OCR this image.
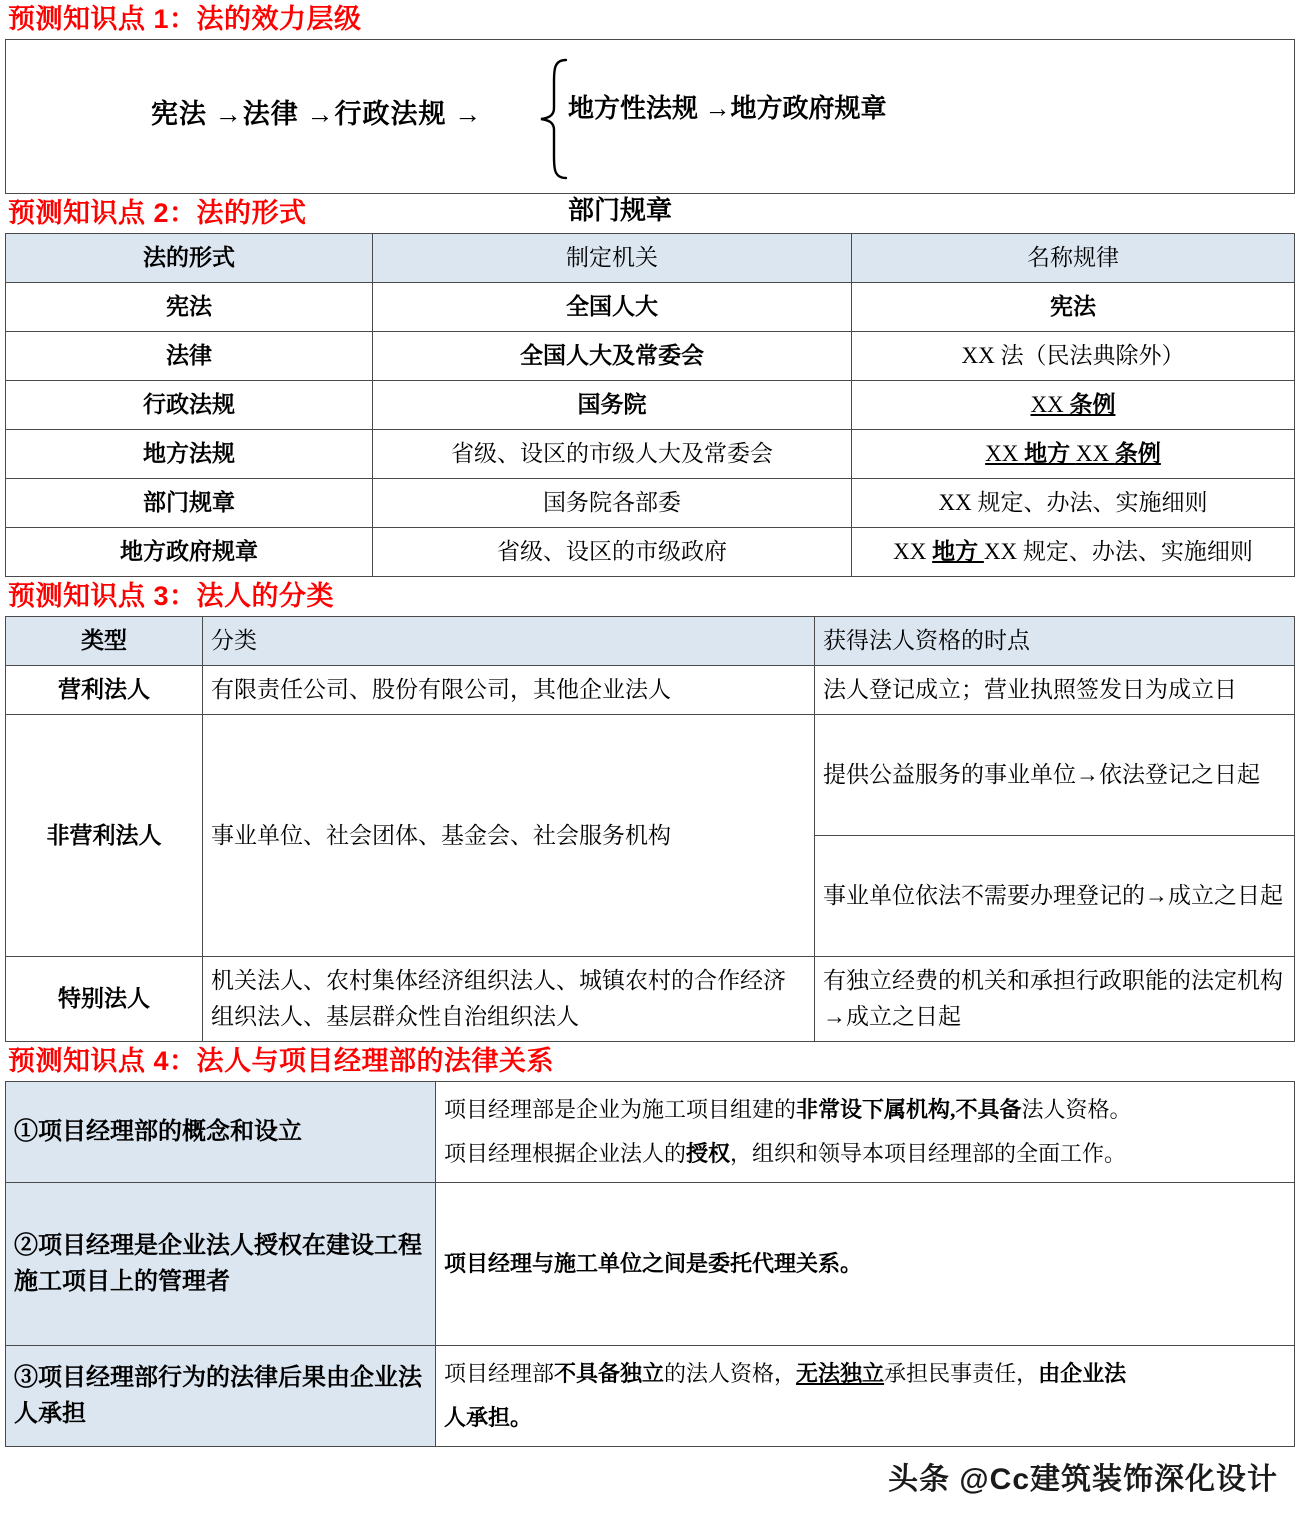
预测知识点 1：法的效力层级
宪法 →法律 →行政法规 →	地方性法规 →地方政府规章
部门规章
预测知识点 2：法的形式
法的形式	制定机关	名称规律
宪法	全国人大	宪法
法律	全国人大及常委会	XX 法（民法典除外）
行政法规	国务院	XX 条例
地方法规	省级、设区的市级人大及常委会	XX 地方 XX 条例
部门规章	国务院各部委	XX 规定、办法、实施细则
地方政府规章	省级、设区的市级政府	XX 地方 XX 规定、办法、实施细则
预测知识点 3：法人的分类
类型	分类	获得法人资格的时点
营利法人	有限责任公司、股份有限公司，其他企业法人	法人登记成立；营业执照签发日为成立日
非营利法人	事业单位、社会团体、基金会、社会服务机构	提供公益服务的事业单位→依法登记之日起
		事业单位依法不需要办理登记的→成立之日起
特别法人	机关法人、农村集体经济组织法人、城镇农村的合作经济组织法人、基层群众性自治组织法人	有独立经费的机关和承担行政职能的法定机构→成立之日起
预测知识点 4：法人与项目经理部的法律关系
①项目经理部的概念和设立	项目经理部是企业为施工项目组建的非常设下属机构,不具备法人资格。
项目经理根据企业法人的授权，组织和领导本项目经理部的全面工作。

②项目经理是企业法人授权在建设工程施工项目上的管理者	项目经理与施工单位之间是委托代理关系。

③项目经理部行为的法律后果由企业法人承担	项目经理部不具备独立的法人资格，无法独立承担民事责任，由企业法
人承担。
头条 @Cc建筑装饰深化设计
